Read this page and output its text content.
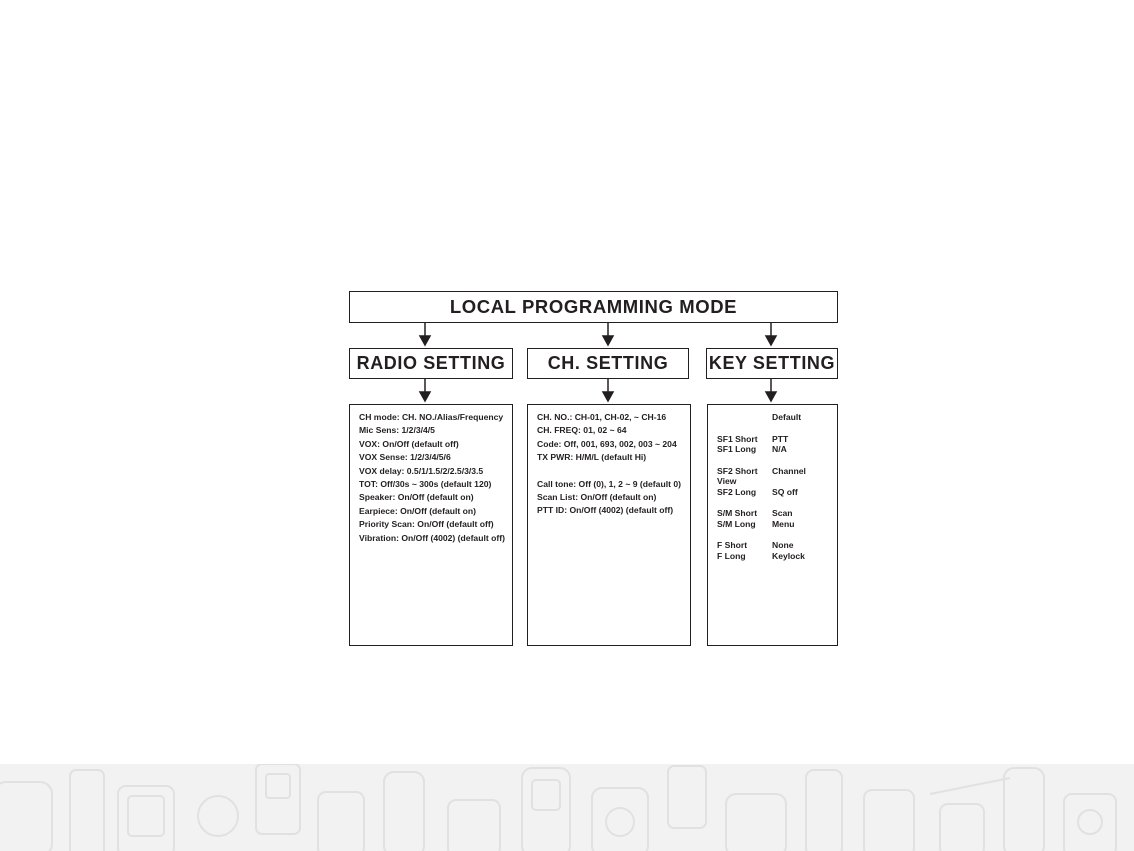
LOCAL PROGRAMMING MODE
RADIO SETTING	CH. SETTING	KEY SETTING
CH mode: CH. NO./Alias/Frequency
Mic Sens: 1/2/3/4/5
VOX: On/Off (default off)
VOX Sense: 1/2/3/4/5/6
VOX delay: 0.5/1/1.5/2/2.5/3/3.5
TOT: Off/30s ~ 300s (default 120)
Speaker: On/Off (default on)
Earpiece: On/Off (default on)
Priority Scan: On/Off (default off)
Vibration: On/Off (4002) (default off)
CH. NO.: CH-01, CH-02, ~ CH-16
CH. FREQ: 01, 02 ~ 64
Code: Off, 001, 693, 002, 003 ~ 204
TX PWR: H/M/L (default Hi)
Call tone: Off (0), 1, 2 ~ 9 (default 0)
Scan List: On/Off (default on)
PTT ID: On/Off (4002) (default off)
Default
SF1 Short PTT
SF1 Long N/A
SF2 Short Channel
View
SF2 Long SQ off
S/M Short Scan
S/M Long Menu
F Short	None
F Long	Keylock
